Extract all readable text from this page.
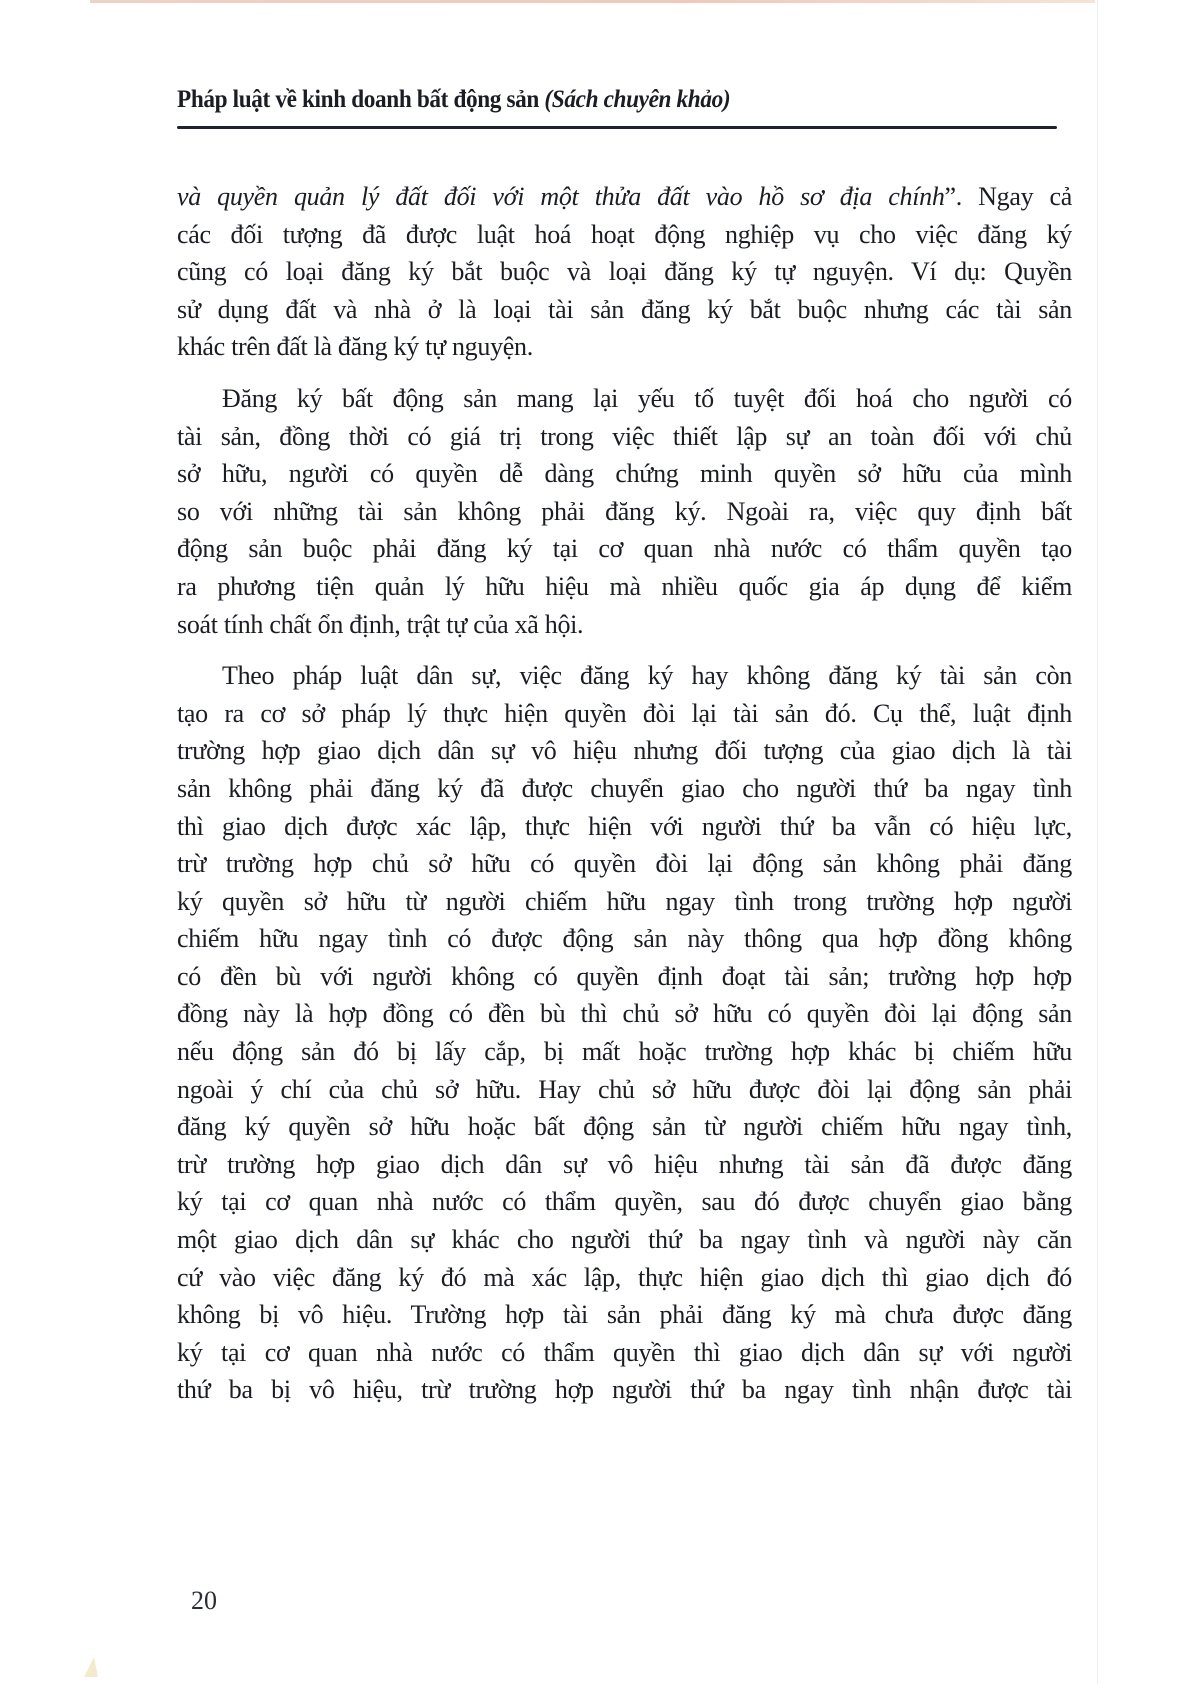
Pháp luật về kinh doanh bất động sản (Sách chuyên khảo)

và quyền quản lý đất đối với một thửa đất vào hồ sơ địa chính”. Ngay cả
các đối tượng đã được luật hoá hoạt động nghiệp vụ cho việc đăng ký
cũng có loại đăng ký bắt buộc và loại đăng ký tự nguyện. Ví dụ: Quyền
sử dụng đất và nhà ở là loại tài sản đăng ký bắt buộc nhưng các tài sản
khác trên đất là đăng ký tự nguyện.

Đăng ký bất động sản mang lại yếu tố tuyệt đối hoá cho người có
tài sản, đồng thời có giá trị trong việc thiết lập sự an toàn đối với chủ
sở hữu, người có quyền dễ dàng chứng minh quyền sở hữu của mình
so với những tài sản không phải đăng ký. Ngoài ra, việc quy định bất
động sản buộc phải đăng ký tại cơ quan nhà nước có thẩm quyền tạo
ra phương tiện quản lý hữu hiệu mà nhiều quốc gia áp dụng để kiểm
soát tính chất ổn định, trật tự của xã hội.

Theo pháp luật dân sự, việc đăng ký hay không đăng ký tài sản còn
tạo ra cơ sở pháp lý thực hiện quyền đòi lại tài sản đó. Cụ thể, luật định
trường hợp giao dịch dân sự vô hiệu nhưng đối tượng của giao dịch là tài
sản không phải đăng ký đã được chuyển giao cho người thứ ba ngay tình
thì giao dịch được xác lập, thực hiện với người thứ ba vẫn có hiệu lực,
trừ trường hợp chủ sở hữu có quyền đòi lại động sản không phải đăng
ký quyền sở hữu từ người chiếm hữu ngay tình trong trường hợp người
chiếm hữu ngay tình có được động sản này thông qua hợp đồng không
có đền bù với người không có quyền định đoạt tài sản; trường hợp hợp
đồng này là hợp đồng có đền bù thì chủ sở hữu có quyền đòi lại động sản
nếu động sản đó bị lấy cắp, bị mất hoặc trường hợp khác bị chiếm hữu
ngoài ý chí của chủ sở hữu. Hay chủ sở hữu được đòi lại động sản phải
đăng ký quyền sở hữu hoặc bất động sản từ người chiếm hữu ngay tình,
trừ trường hợp giao dịch dân sự vô hiệu nhưng tài sản đã được đăng
ký tại cơ quan nhà nước có thẩm quyền, sau đó được chuyển giao bằng
một giao dịch dân sự khác cho người thứ ba ngay tình và người này căn
cứ vào việc đăng ký đó mà xác lập, thực hiện giao dịch thì giao dịch đó
không bị vô hiệu. Trường hợp tài sản phải đăng ký mà chưa được đăng
ký tại cơ quan nhà nước có thẩm quyền thì giao dịch dân sự với người
thứ ba bị vô hiệu, trừ trường hợp người thứ ba ngay tình nhận được tài

20
